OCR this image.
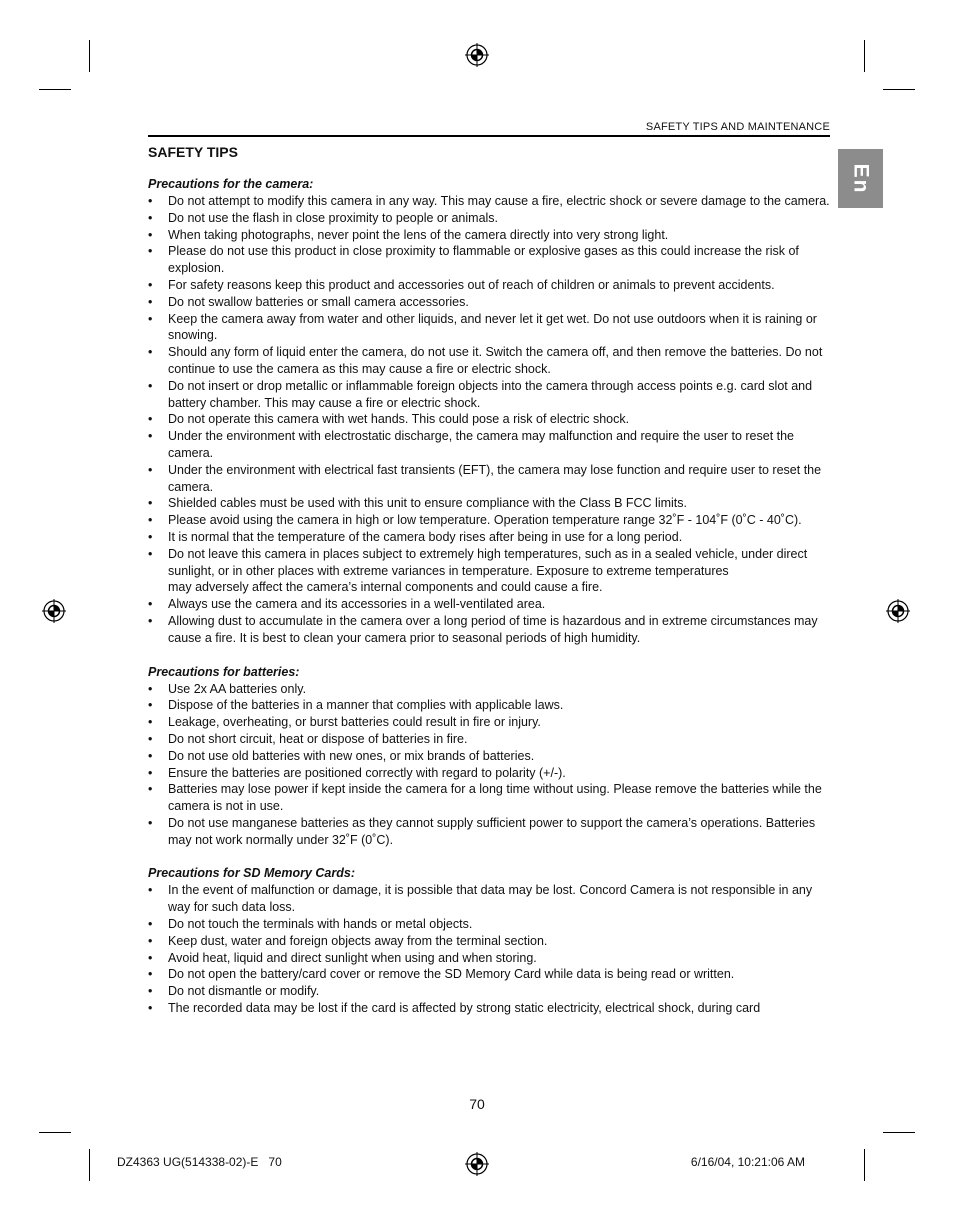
SAFETY TIPS AND MAINTENANCE
En
SAFETY TIPS

Precautions for the camera:

• Do not attempt to modify this camera in any way. This may cause a fire, electric shock or severe damage to the camera.
• Do not use the flash in close proximity to people or animals.
• When taking photographs, never point the lens of the camera directly into very strong light.
• Please do not use this product in close proximity to flammable or explosive gases as this could increase the risk of explosion.
• For safety reasons keep this product and accessories out of reach of children or animals to prevent accidents.
• Do not swallow batteries or small camera accessories.
• Keep the camera away from water and other liquids, and never let it get wet. Do not use outdoors when it is raining or snowing.
• Should any form of liquid enter the camera, do not use it. Switch the camera off, and then remove the batteries. Do not continue to use the camera as this may cause a fire or electric shock.
• Do not insert or drop metallic or inflammable foreign objects into the camera through access points e.g. card slot and battery chamber. This may cause a fire or electric shock.
• Do not operate this camera with wet hands. This could pose a risk of electric shock.
• Under the environment with electrostatic discharge, the camera may malfunction and require the user to reset the camera.
• Under the environment with electrical fast transients (EFT), the camera may lose function and require user to reset the camera.
• Shielded cables must be used with this unit to ensure compliance with the Class B FCC limits.
• Please avoid using the camera in high or low temperature. Operation temperature range 32˚F - 104˚F (0˚C - 40˚C).
• It is normal that the temperature of the camera body rises after being in use for a long period.
• Do not leave this camera in places subject to extremely high temperatures, such as in a sealed vehicle, under direct sunlight, or in other places with extreme variances in temperature. Exposure to extreme temperatures
may adversely affect the camera’s internal components and could cause a fire.
• Always use the camera and its accessories in a well-ventilated area.
• Allowing dust to accumulate in the camera over a long period of time is hazardous and in extreme circumstances may cause a fire. It is best to clean your camera prior to seasonal periods of high humidity.

Precautions for batteries:

• Use 2x AA batteries only.
• Dispose of the batteries in a manner that complies with applicable laws.
• Leakage, overheating, or burst batteries could result in fire or injury.
• Do not short circuit, heat or dispose of batteries in fire.
• Do not use old batteries with new ones, or mix brands of batteries.
• Ensure the batteries are positioned correctly with regard to polarity (+/-).
• Batteries may lose power if kept inside the camera for a long time without using. Please remove the batteries while the camera is not in use.
• Do not use manganese batteries as they cannot supply sufficient power to support the camera’s operations. Batteries may not work normally under 32˚F (0˚C).

Precautions for SD Memory Cards:

• In the event of malfunction or damage, it is possible that data may be lost. Concord Camera is not responsible in any way for such data loss.
• Do not touch the terminals with hands or metal objects.
• Keep dust, water and foreign objects away from the terminal section.
• Avoid heat, liquid and direct sunlight when using and when storing.
• Do not open the battery/card cover or remove the SD Memory Card while data is being read or written.
• Do not dismantle or modify.
• The recorded data may be lost if the card is affected by strong static electricity, electrical shock, during card
70
DZ4363 UG(514338-02)-E   70	6/16/04, 10:21:06 AM
